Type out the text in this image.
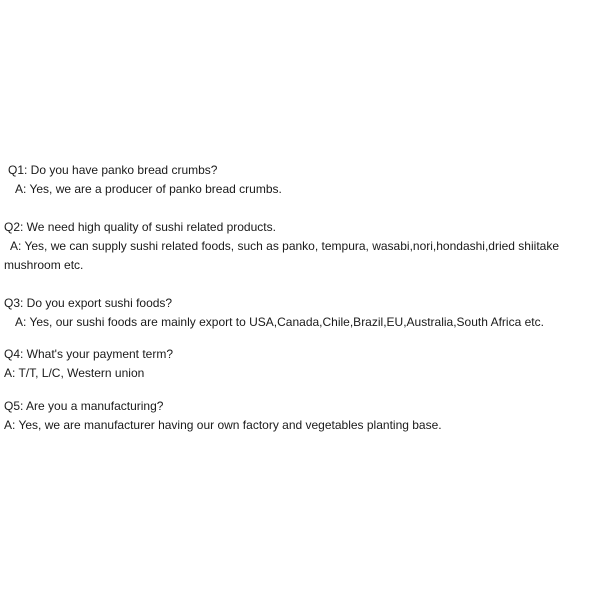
Q1: Do you have panko bread crumbs?
A: Yes, we are a producer of panko bread crumbs.
Q2: We need high quality of sushi related products.
A: Yes, we can supply sushi related foods, such as panko, tempura, wasabi,nori,hondashi,dried shiitake
mushroom etc.
Q3: Do you export sushi foods?
A: Yes, our sushi foods are mainly export to USA,Canada,Chile,Brazil,EU,Australia,South Africa etc.
Q4: What's your payment term?
A: T/T, L/C, Western union
Q5: Are you a manufacturing?
A: Yes, we are manufacturer having our own factory and vegetables planting base.
